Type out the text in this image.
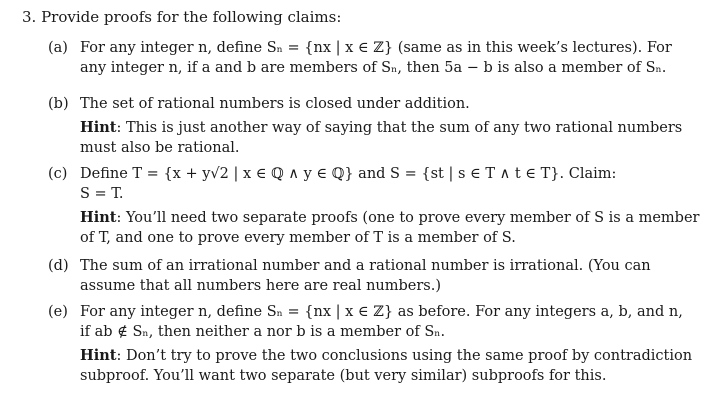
3. Provide proofs for the following claims:
(a) For any integer n, define Sₙ = {nx | x ∈ ℤ} (same as in this week’s lectures). For
any integer n, if a and b are members of Sₙ, then 5a − b is also a member of Sₙ.
(b) The set of rational numbers is closed under addition.
Hint: This is just another way of saying that the sum of any two rational numbers
must also be rational.
(c) Define T = {x + y√2 | x ∈ ℚ ∧ y ∈ ℚ} and S = {st | s ∈ T ∧ t ∈ T}. Claim:
S = T.
Hint: You’ll need two separate proofs (one to prove every member of S is a member
of T, and one to prove every member of T is a member of S.
(d) The sum of an irrational number and a rational number is irrational. (You can
assume that all numbers here are real numbers.)
(e) For any integer n, define Sₙ = {nx | x ∈ ℤ} as before. For any integers a, b, and n,
if ab ∉ Sₙ, then neither a nor b is a member of Sₙ.
Hint: Don’t try to prove the two conclusions using the same proof by contradiction
subproof. You’ll want two separate (but very similar) subproofs for this.
